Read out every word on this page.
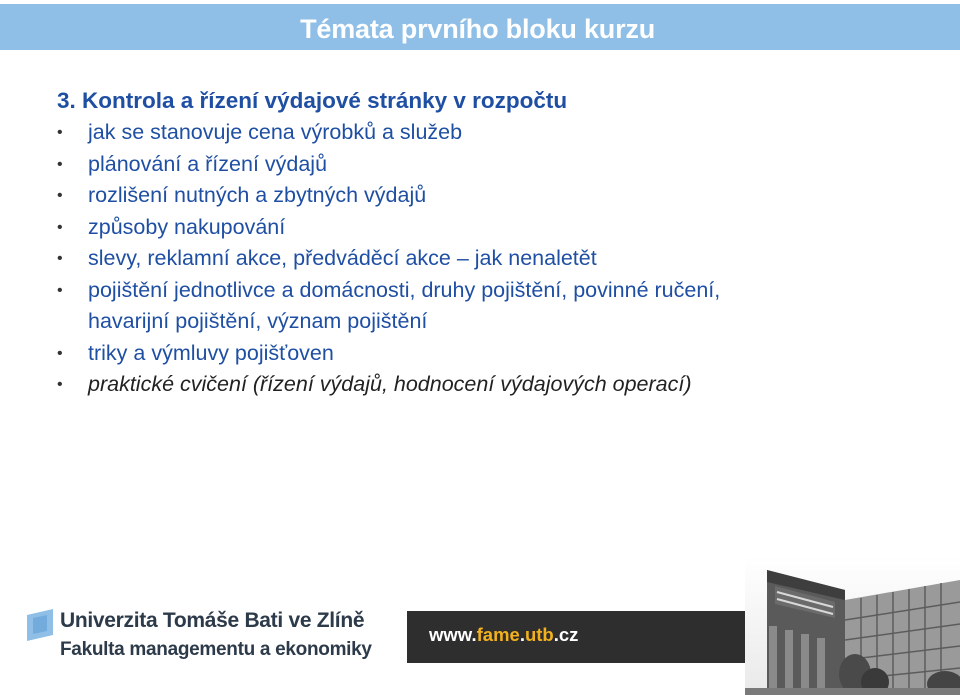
Témata prvního bloku kurzu
3. Kontrola a řízení výdajové stránky v rozpočtu
• jak se stanovuje cena výrobků a služeb
• plánování a řízení výdajů
• rozlišení nutných a zbytných výdajů
• způsoby nakupování
• slevy, reklamní akce, předváděcí akce – jak nenaletět
• pojištění jednotlivce a domácnosti, druhy pojištění, povinné ručení,
havarijní pojištění, význam pojištění
• triky a výmluvy pojišťoven
• praktické cvičení (řízení výdajů, hodnocení výdajových operací)
Univerzita Tomáše Bati ve Zlíně
Fakulta managementu a ekonomiky
www.fame.utb.cz
